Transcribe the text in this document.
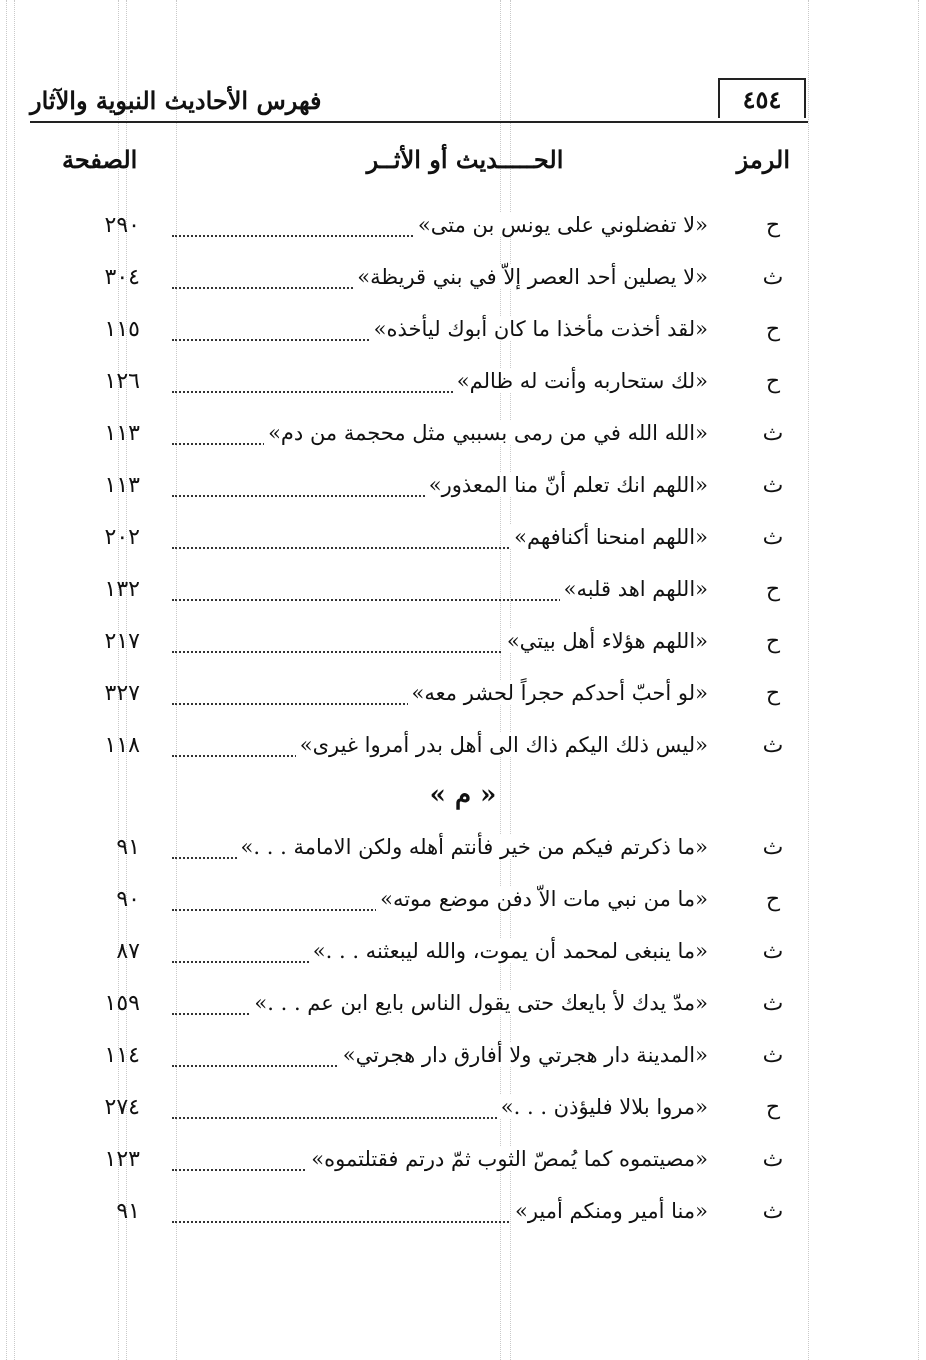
٤٥٤
فهرس الأحاديث النبوية والآثار
الرمز
الحـــــديث أو الأثــر
الصفحة
ح
«لا تفضلوني على يونس بن متى»
٢٩٠
ث
«لا يصلين أحد العصر إلاّ في بني قريظة»
٣٠٤
ح
«لقد أخذت مأخذا ما كان أبوك ليأخذه»
١١٥
ح
«لك ستحاربه وأنت له ظالم»
١٢٦
ث
«الله الله في من رمى بسببي مثل محجمة من دم»
١١٣
ث
«اللهم انك تعلم أنّ منا المعذور»
١١٣
ث
«اللهم امنحنا أكنافهم»
٢٠٢
ح
«اللهم اهد قلبه»
١٣٢
ح
«اللهم هؤلاء أهل بيتي»
٢١٧
ح
«لو أحبّ أحدكم حجراً لحشر معه»
٣٢٧
ث
«ليس ذلك اليكم ذاك الى أهل بدر أمروا غيرى»
١١٨
ث
«ما ذكرتم فيكم من خير فأنتم أهله ولكن الامامة . . .»
٩١
ح
«ما من نبي مات الاّ دفن موضع موته»
٩٠
ث
«ما ينبغى لمحمد أن يموت، والله ليبعثنه . . .»
٨٧
ث
«مدّ يدك لأ بايعك حتى يقول الناس بايع ابن عم . . .»
١٥٩
ث
«المدينة دار هجرتي ولا أفارق دار هجرتي»
١١٤
ح
«مروا بلالا فليؤذن . . .»
٢٧٤
ث
«مصيتموه كما يُمصّ الثوب ثمّ درتم فقتلتموه»
١٢٣
ث
«منا أمير ومنكم أمير»
٩١
« م »
